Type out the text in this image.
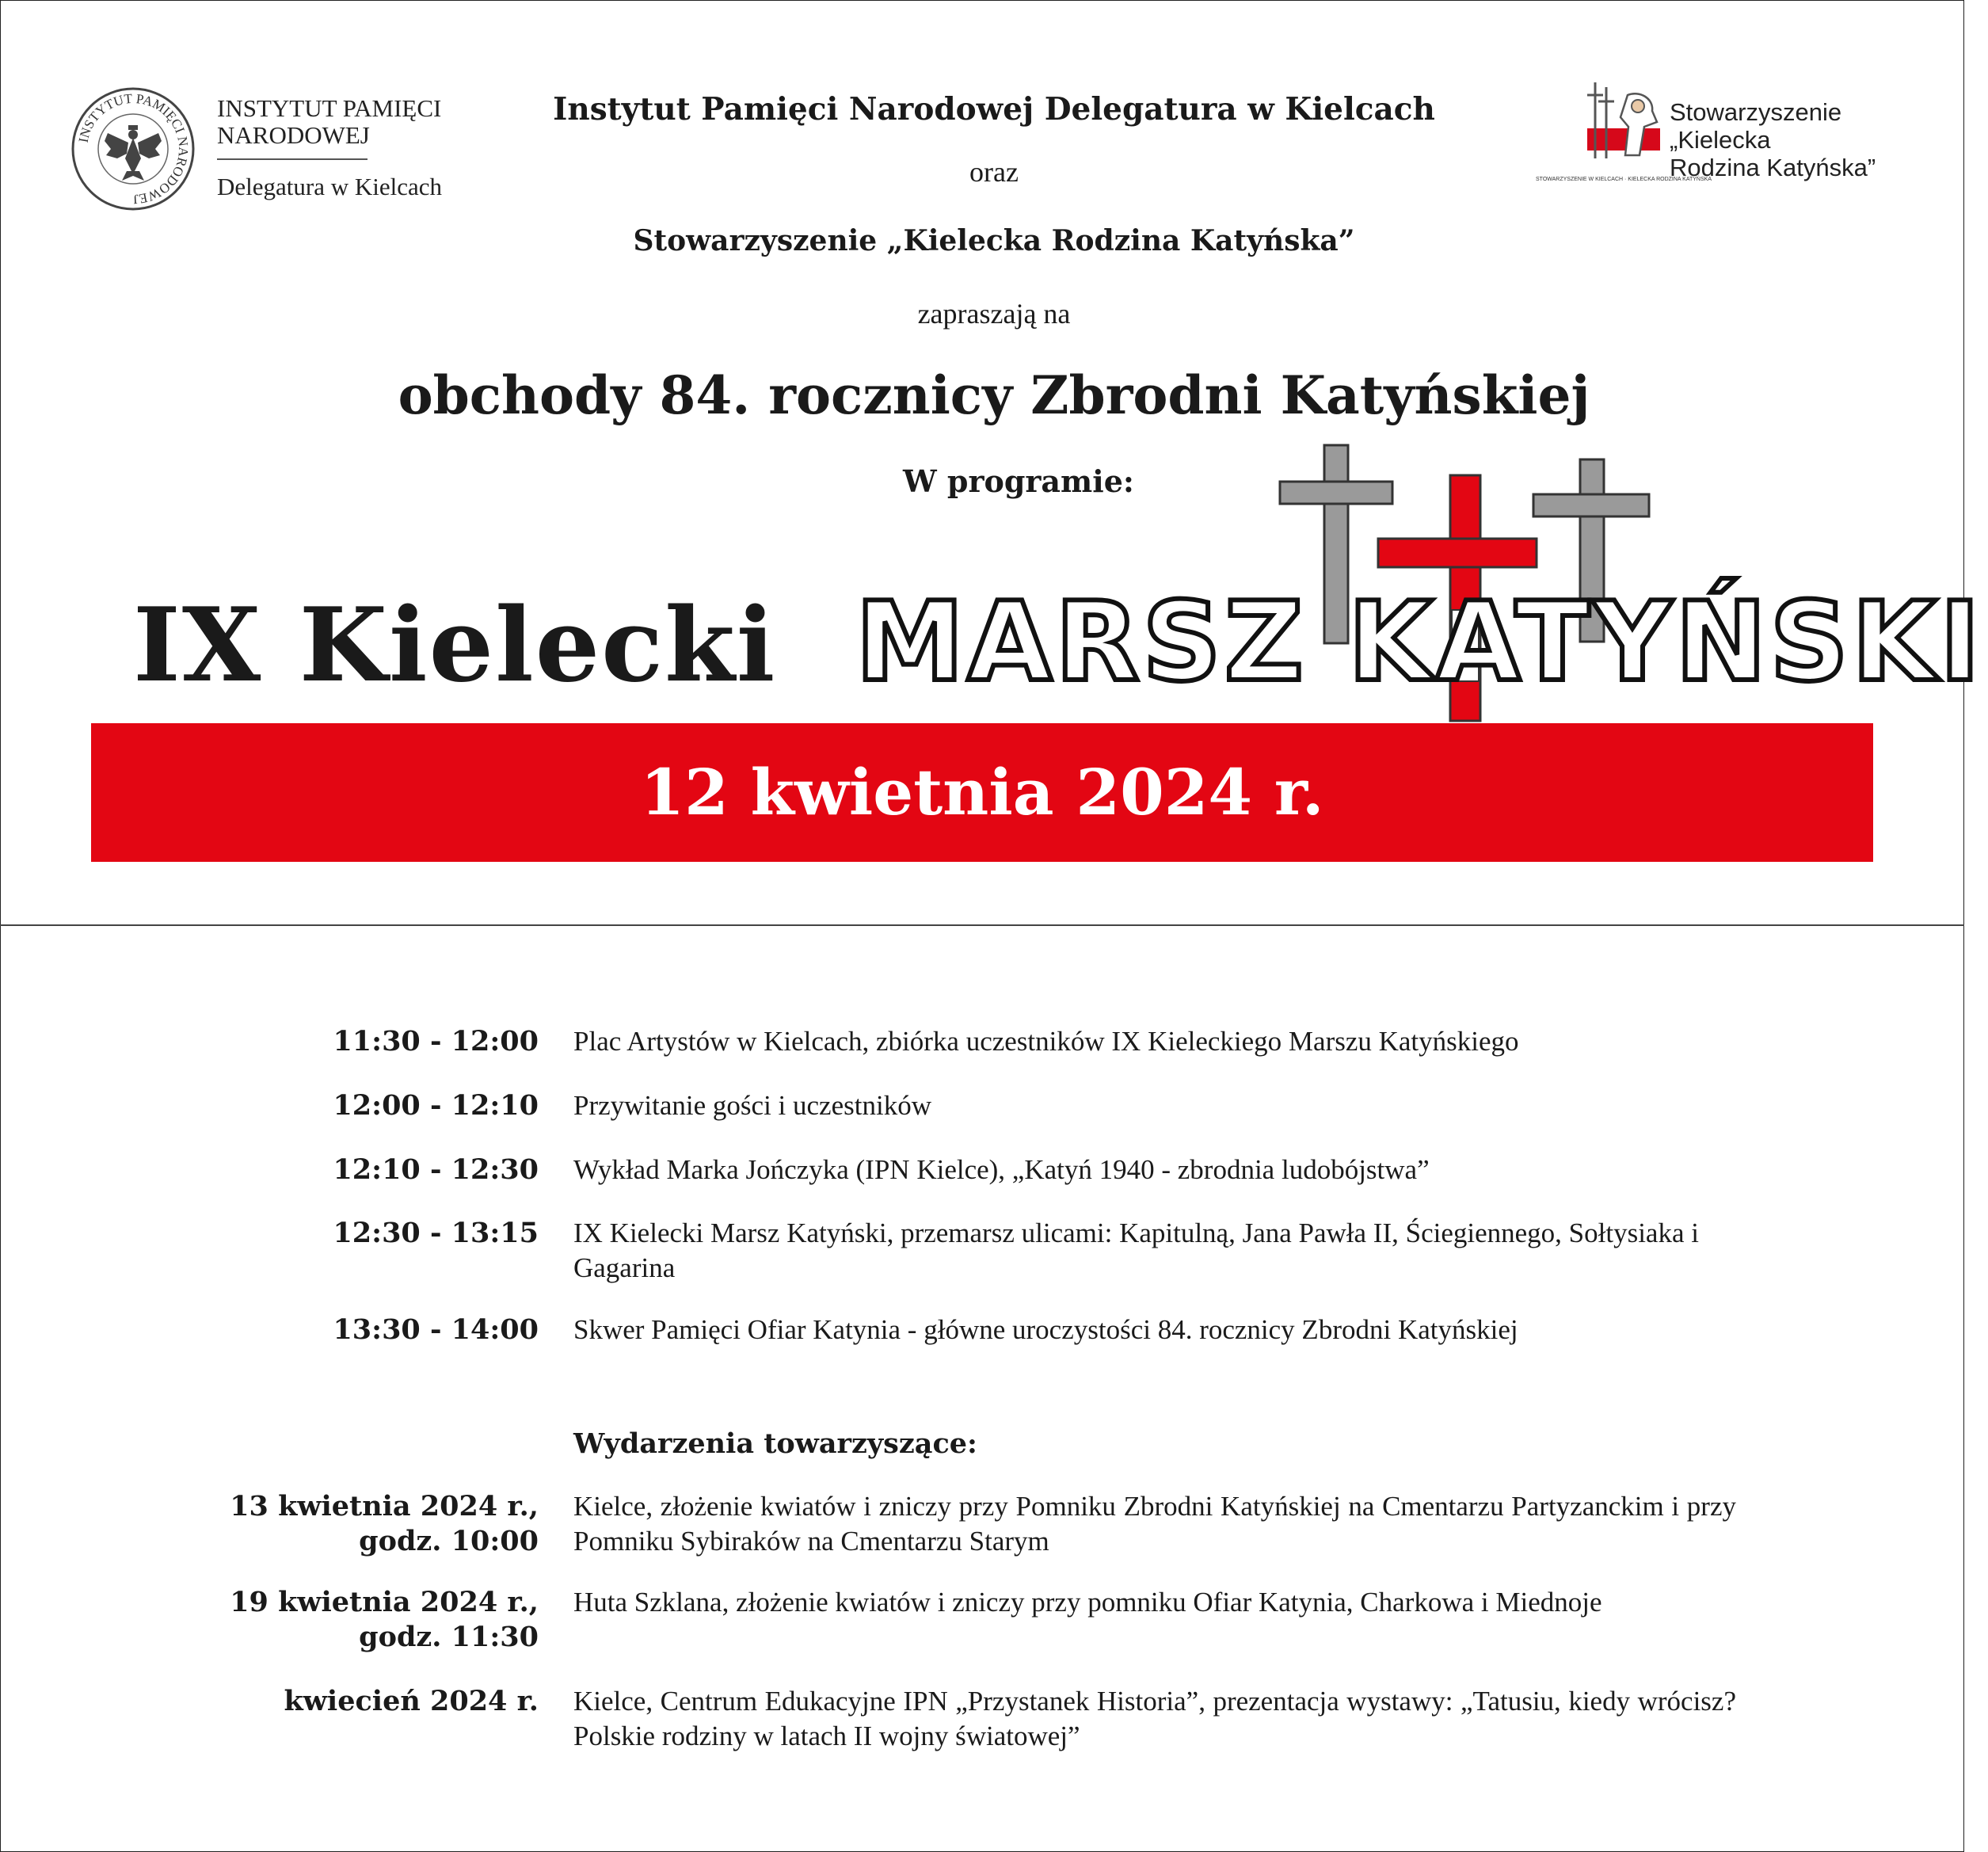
INSTYTUT PAMIĘCI NARODOWEJ
INSTYTUT PAMIĘCI
NARODOWEJ
Delegatura w Kielcach	STOWARZYSZENIE W KIELCACH · KIELECKA RODZINA KATYŃSKA
Stowarzyszenie
„Kielecka
Rodzina Katyńska”
Instytut Pamięci Narodowej Delegatura w Kielcach
oraz
Stowarzyszenie „Kielecka Rodzina Katyńska”
zapraszają na
obchody 84. rocznicy Zbrodni Katyńskiej
W programie:
IX Kielecki MARSZ KATYŃSKI
12 kwietnia 2024 r.
11:30 - 12:00 Plac Artystów w Kielcach, zbiórka uczestników IX Kieleckiego Marszu Katyńskiego
12:00 - 12:10 Przywitanie gości i uczestników
12:10 - 12:30 Wykład Marka Jończyka (IPN Kielce), „Katyń 1940 - zbrodnia ludobójstwa”
12:30 - 13:15 IX Kielecki Marsz Katyński, przemarsz ulicami: Kapitulną, Jana Pawła II, Ściegiennego, Sołtysiaka i Gagarina
13:30 - 14:00 Skwer Pamięci Ofiar Katynia - główne uroczystości 84. rocznicy Zbrodni Katyńskiej
Wydarzenia towarzyszące:
13 kwietnia 2024 r.,
godz. 10:00
Kielce, złożenie kwiatów i zniczy przy Pomniku Zbrodni Katyńskiej na Cmentarzu Partyzanckim i przy Pomniku Sybiraków na Cmentarzu Starym
19 kwietnia 2024 r.,
godz. 11:30
Huta Szklana, złożenie kwiatów i zniczy przy pomniku Ofiar Katynia, Charkowa i Miednoje
kwiecień 2024 r. Kielce, Centrum Edukacyjne IPN „Przystanek Historia”, prezentacja wystawy: „Tatusiu, kiedy wrócisz? Polskie rodziny w latach II wojny światowej”
